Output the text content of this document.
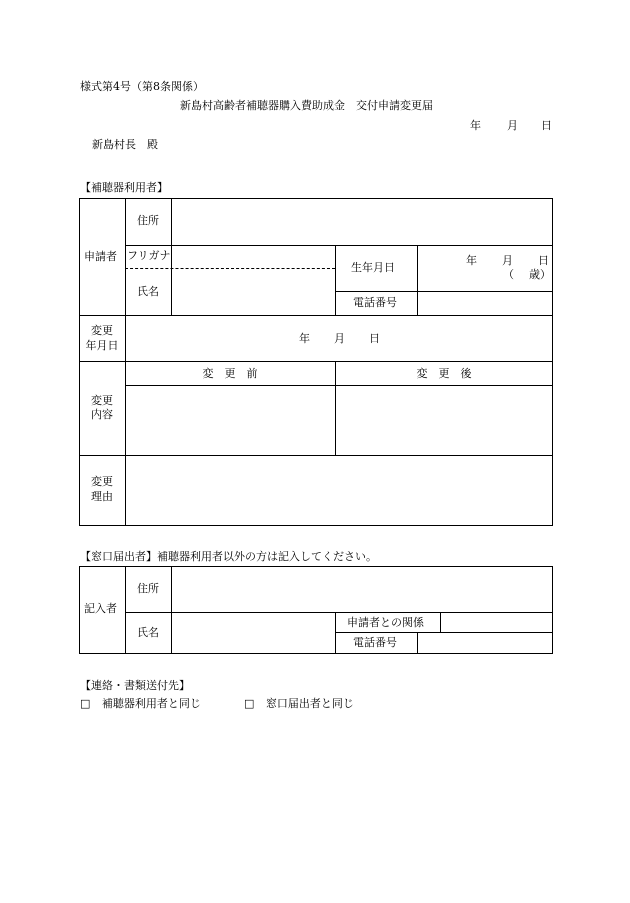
様式第4号（第8条関係）
新島村高齢者補聴器購入費助成金　交付申請変更届
年 月 日
新島村長　殿
【補聴器利用者】
申請者
住所
フリガナ
氏名
生年月日
年 月 日
（ 歳）
電話番号
変更
年月日
年 月 日
変更
内容
変　更　前	変　更　後
変更
理由
【窓口届出者】補聴器利用者以外の方は記入してください。
記入者
住所
氏名
申請者との関係
電話番号
【連絡・書類送付先】
□ 補聴器利用者と同じ	□ 窓口届出者と同じ
